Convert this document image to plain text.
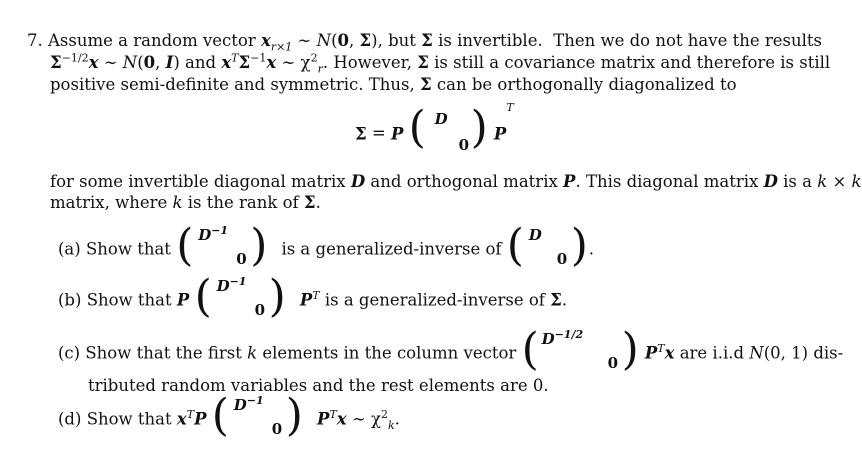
7. Assume a random vector $x_{r\times 1}$ ∼ N(0, Σ), but Σ is invertible. Then we do not have the results
$\Sigma^{-1/2}x$ ∼ N(0, I) and $x^T\Sigma^{-1}x$ ∼ $\chi^2_r$. However, Σ is still a covariance matrix and therefore is still
positive semi-definite and symmetric. Thus, Σ can be orthogonally diagonalized to
Σ = P ( D
0 ) $P^T$
for some invertible diagonal matrix D and orthogonal matrix P. This diagonal matrix D is a k × k
matrix, where k is the rank of Σ.
(a) Show that ( $D^{-1}$
0 ) is a generalized-inverse of ( D
0 ) .
(b) Show that P ( $D^{-1}$
0 ) $P^T$ is a generalized-inverse of Σ.
(c) Show that the first k elements in the column vector ( $D^{-1/2}$
0 ) $P^Tx$ are i.i.d N(0, 1) dis-
tributed random variables and the rest elements are 0.
(d) Show that $x^TP$ ( $D^{-1}$
0 ) $P^Tx$ ∼ $\chi^2_k$.
